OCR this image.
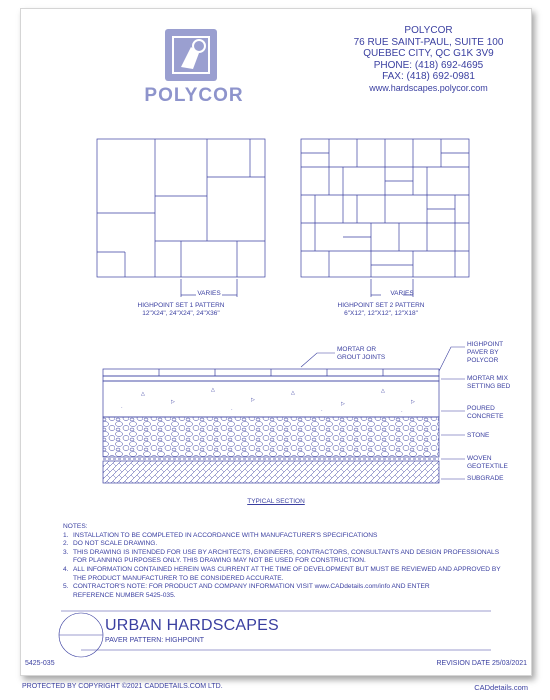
POLYCOR
POLYCOR
76 RUE SAINT-PAUL, SUITE 100
QUEBEC CITY, QC G1K 3V9
PHONE: (418) 692-4695
FAX: (418) 692-0981
www.hardscapes.polycor.com
VARIES
HIGHPOINT SET 1 PATTERN
12"X24", 24"X24", 24"X36"
VARIES
HIGHPOINT SET 2 PATTERN
6"X12", 12"X12", 12"X18"
△
▷
△
▷
△
▷
△
▷
·	·	·	·
MORTAR OR
GROUT JOINTS
HIGHPOINT
PAVER BY
POLYCOR
MORTAR MIX
SETTING BED
POURED
CONCRETE
STONE
WOVEN
GEOTEXTILE
SUBGRADE
TYPICAL SECTION
NOTES:
1. INSTALLATION TO BE COMPLETED IN ACCORDANCE WITH MANUFACTURER'S SPECIFICATIONS
2. DO NOT SCALE DRAWING.
3. THIS DRAWING IS INTENDED FOR USE BY ARCHITECTS, ENGINEERS, CONTRACTORS, CONSULTANTS AND DESIGN PROFESSIONALS
FOR PLANNING PURPOSES ONLY. THIS DRAWING MAY NOT BE USED FOR CONSTRUCTION.
4. ALL INFORMATION CONTAINED HEREIN WAS CURRENT AT THE TIME OF DEVELOPMENT BUT MUST BE REVIEWED AND APPROVED BY
THE PRODUCT MANUFACTURER TO BE CONSIDERED ACCURATE.
5. CONTRACTOR'S NOTE: FOR PRODUCT AND COMPANY INFORMATION VISIT www.CADdetails.com/info AND ENTER
REFERENCE NUMBER 5425-035.
URBAN HARDSCAPES
PAVER PATTERN: HIGHPOINT
5425-035	REVISION DATE 25/03/2021
PROTECTED BY COPYRIGHT ©2021 CADDETAILS.COM LTD.	CADdetails.com
